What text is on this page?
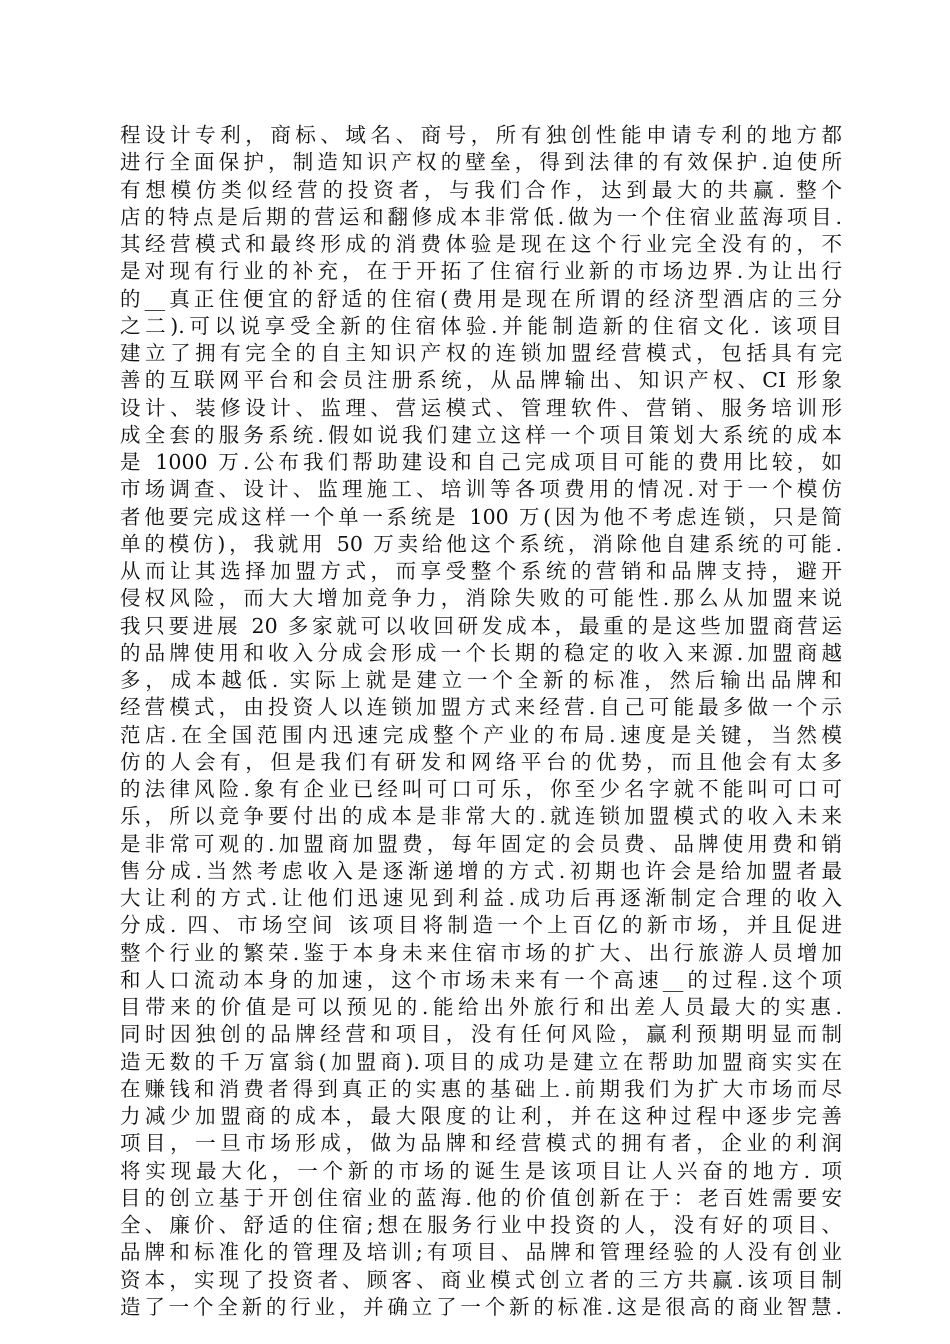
程设计专利，商标、域名、商号，所有独创性能申请专利的地方都
进行全面保护，制造知识产权的壁垒，得到法律的有效保护.迫使所
有想模仿类似经营的投资者，与我们合作，达到最大的共赢. 整个
店的特点是后期的营运和翻修成本非常低.做为一个住宿业蓝海项目.
其经营模式和最终形成的消费体验是现在这个行业完全没有的，不
是对现有行业的补充，在于开拓了住宿行业新的市场边界.为让出行
的__真正住便宜的舒适的住宿(费用是现在所谓的经济型酒店的三分
之二).可以说享受全新的住宿体验.并能制造新的住宿文化. 该项目
建立了拥有完全的自主知识产权的连锁加盟经营模式，包括具有完
善的互联网平台和会员注册系统，从品牌输出、知识产权、CI 形象
设计、装修设计、监理、营运模式、管理软件、营销、服务培训形
成全套的服务系统.假如说我们建立这样一个项目策划大系统的成本
是 1000 万.公布我们帮助建设和自己完成项目可能的费用比较，如
市场调查、设计、监理施工、培训等各项费用的情况.对于一个模仿
者他要完成这样一个单一系统是 100 万(因为他不考虑连锁，只是简
单的模仿)，我就用 50 万卖给他这个系统，消除他自建系统的可能.
从而让其选择加盟方式，而享受整个系统的营销和品牌支持，避开
侵权风险，而大大增加竞争力，消除失败的可能性.那么从加盟来说
我只要进展 20 多家就可以收回研发成本，最重的是这些加盟商营运
的品牌使用和收入分成会形成一个长期的稳定的收入来源.加盟商越
多，成本越低. 实际上就是建立一个全新的标准，然后输出品牌和
经营模式，由投资人以连锁加盟方式来经营.自己可能最多做一个示
范店.在全国范围内迅速完成整个产业的布局.速度是关键，当然模
仿的人会有，但是我们有研发和网络平台的优势，而且他会有太多
的法律风险.象有企业已经叫可口可乐，你至少名字就不能叫可口可
乐，所以竞争要付出的成本是非常大的.就连锁加盟模式的收入未来
是非常可观的.加盟商加盟费，每年固定的会员费、品牌使用费和销
售分成.当然考虑收入是逐渐递增的方式.初期也许会是给加盟者最
大让利的方式.让他们迅速见到利益.成功后再逐渐制定合理的收入
分成. 四、市场空间 该项目将制造一个上百亿的新市场，并且促进
整个行业的繁荣.鉴于本身未来住宿市场的扩大、出行旅游人员增加
和人口流动本身的加速，这个市场未来有一个高速__的过程.这个项
目带来的价值是可以预见的.能给出外旅行和出差人员最大的实惠.
同时因独创的品牌经营和项目，没有任何风险，赢利预期明显而制
造无数的千万富翁(加盟商).项目的成功是建立在帮助加盟商实实在
在赚钱和消费者得到真正的实惠的基础上.前期我们为扩大市场而尽
力减少加盟商的成本，最大限度的让利，并在这种过程中逐步完善
项目，一旦市场形成，做为品牌和经营模式的拥有者，企业的利润
将实现最大化，一个新的市场的诞生是该项目让人兴奋的地方. 项
目的创立基于开创住宿业的蓝海.他的价值创新在于：老百姓需要安
全、廉价、舒适的住宿;想在服务行业中投资的人，没有好的项目、
品牌和标准化的管理及培训;有项目、品牌和管理经验的人没有创业
资本，实现了投资者、顾客、商业模式创立者的三方共赢.该项目制
造了一个全新的行业，并确立了一个新的标准.这是很高的商业智慧.
